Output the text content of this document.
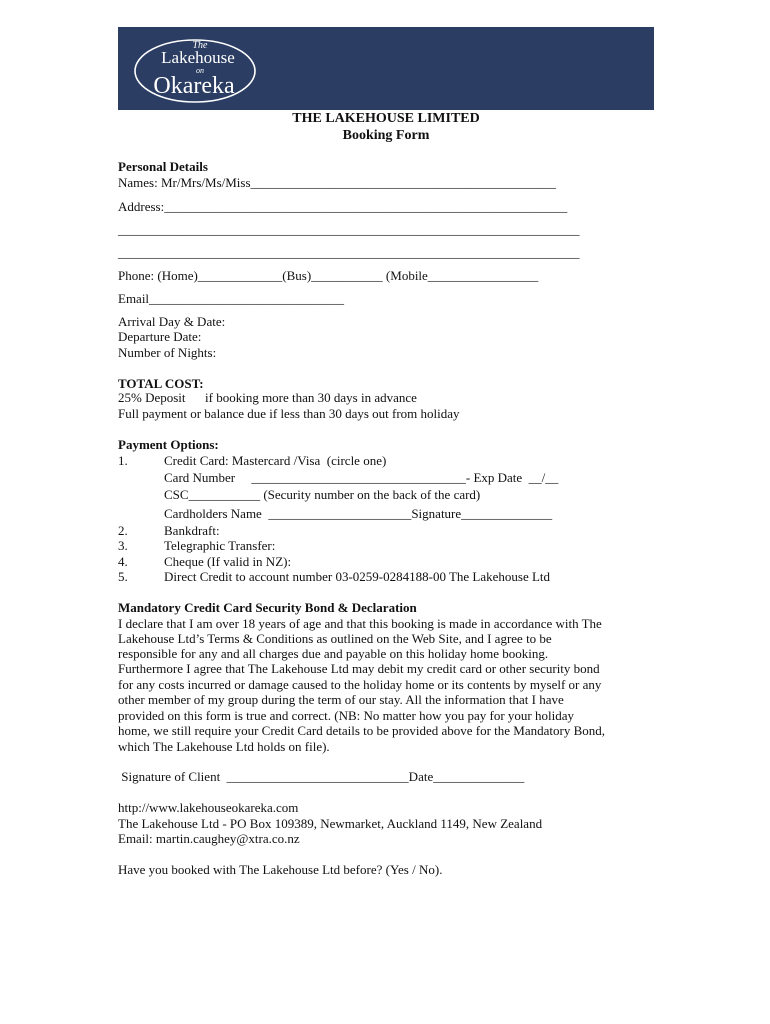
The
Lakehouse
on
Okareka
THE LAKEHOUSE LIMITED
Booking Form
Personal Details
Names: Mr/Mrs/Ms/Miss_______________________________________________
Address:______________________________________________________________
_______________________________________________________________________
_______________________________________________________________________
Phone: (Home)_____________(Bus)___________ (Mobile_________________
Email______________________________
Arrival Day & Date:
Departure Date:
Number of Nights:
TOTAL COST:
25% Deposit      if booking more than 30 days in advance
Full payment or balance due if less than 30 days out from holiday
Payment Options:
1.	Credit Card: Mastercard /Visa  (circle one)
Card Number     _________________________________- Exp Date  __/__
CSC___________ (Security number on the back of the card)
Cardholders Name  ______________________Signature______________
2.	Bankdraft:
3.	Telegraphic Transfer:
4.	Cheque (If valid in NZ):
5.	Direct Credit to account number 03-0259-0284188-00 The Lakehouse Ltd
Mandatory Credit Card Security Bond & Declaration
I declare that I am over 18 years of age and that this booking is made in accordance with The
Lakehouse Ltd’s Terms & Conditions as outlined on the Web Site, and I agree to be
responsible for any and all charges due and payable on this holiday home booking.
Furthermore I agree that The Lakehouse Ltd may debit my credit card or other security bond
for any costs incurred or damage caused to the holiday home or its contents by myself or any
other member of my group during the term of our stay. All the information that I have
provided on this form is true and correct. (NB: No matter how you pay for your holiday
home, we still require your Credit Card details to be provided above for the Mandatory Bond,
which The Lakehouse Ltd holds on file).
Signature of Client  ____________________________Date______________
http://www.lakehouseokareka.com
The Lakehouse Ltd - PO Box 109389, Newmarket, Auckland 1149, New Zealand
Email: martin.caughey@xtra.co.nz
Have you booked with The Lakehouse Ltd before? (Yes / No).
